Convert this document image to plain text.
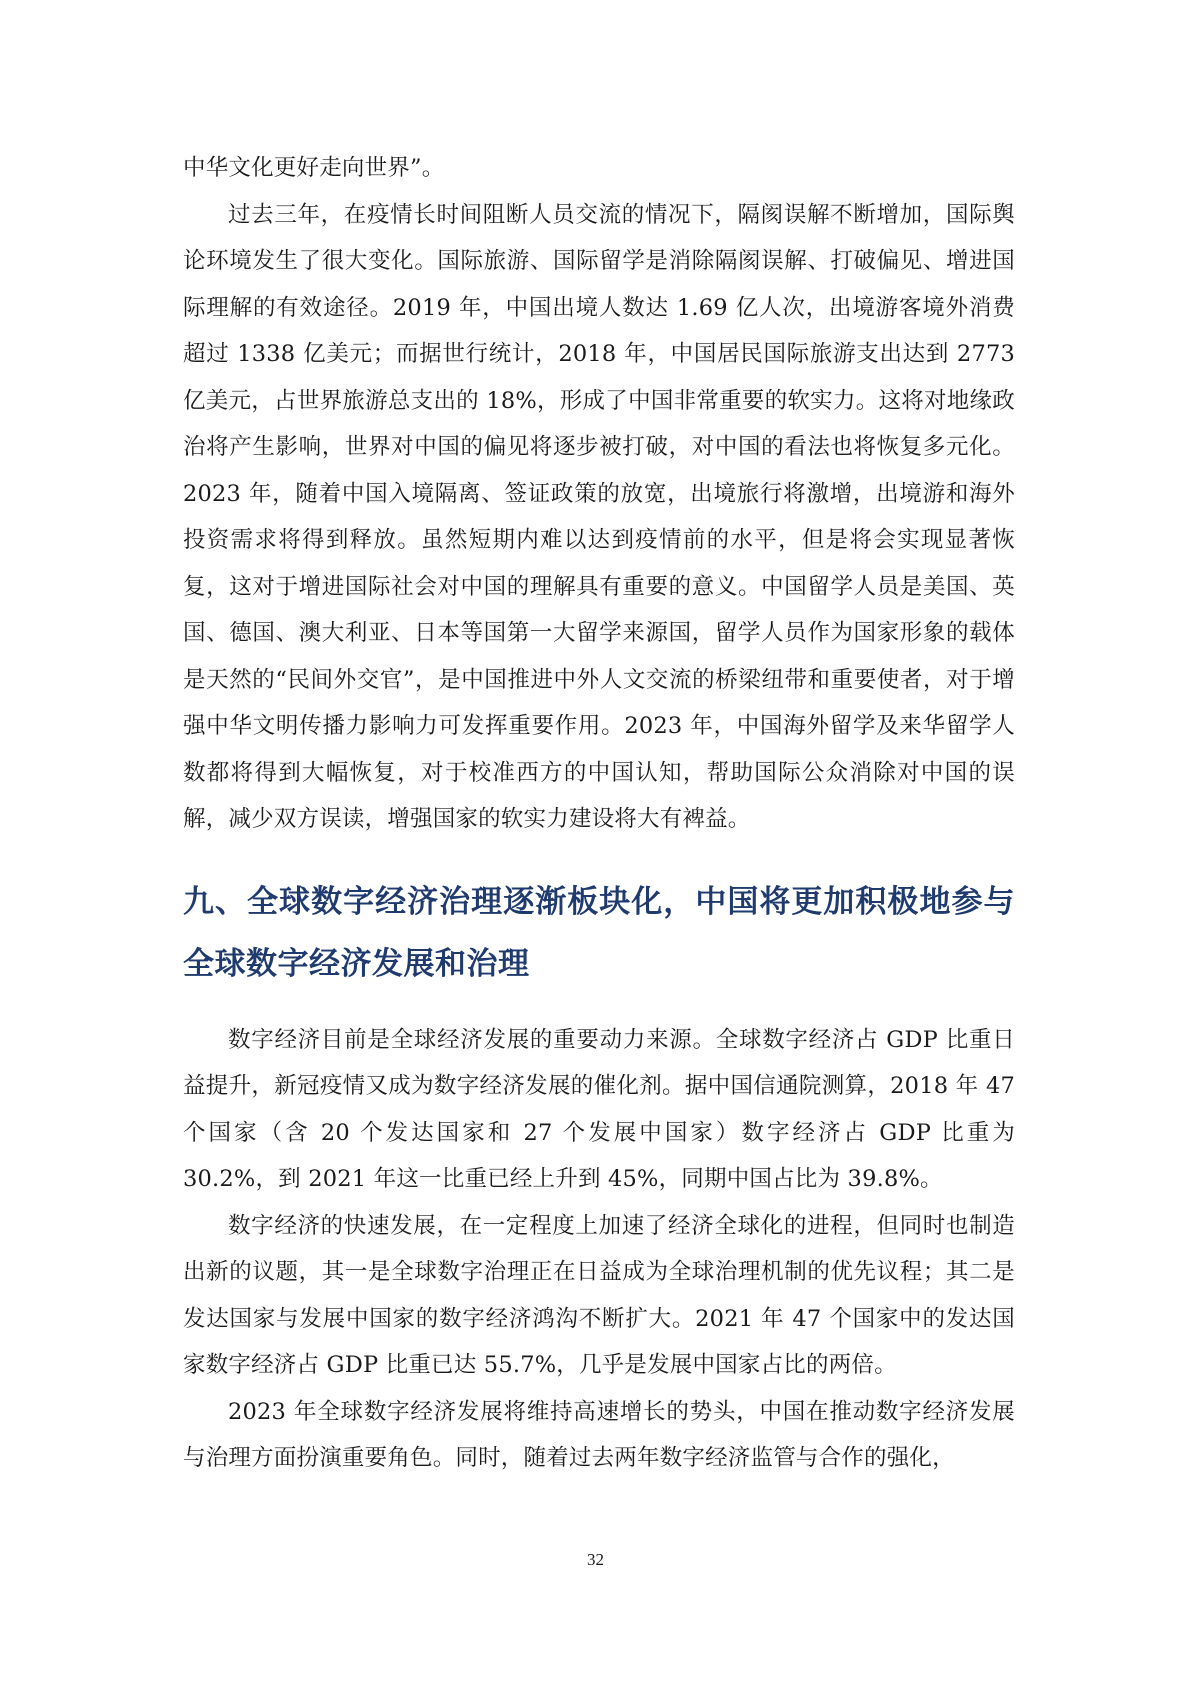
中华文化更好走向世界”。

过去三年，在疫情长时间阻断人员交流的情况下，隔阂误解不断增加，国际舆论环境发生了很大变化。国际旅游、国际留学是消除隔阂误解、打破偏见、增进国际理解的有效途径。2019 年，中国出境人数达 1.69 亿人次，出境游客境外消费超过 1338 亿美元；而据世行统计，2018 年，中国居民国际旅游支出达到 2773 亿美元，占世界旅游总支出的 18%，形成了中国非常重要的软实力。这将对地缘政治将产生影响，世界对中国的偏见将逐步被打破，对中国的看法也将恢复多元化。2023 年，随着中国入境隔离、签证政策的放宽，出境旅行将激增，出境游和海外投资需求将得到释放。虽然短期内难以达到疫情前的水平，但是将会实现显著恢复，这对于增进国际社会对中国的理解具有重要的意义。中国留学人员是美国、英国、德国、澳大利亚、日本等国第一大留学来源国，留学人员作为国家形象的载体是天然的“民间外交官”，是中国推进中外人文交流的桥梁纽带和重要使者，对于增强中华文明传播力影响力可发挥重要作用。2023 年，中国海外留学及来华留学人数都将得到大幅恢复，对于校准西方的中国认知，帮助国际公众消除对中国的误解，减少双方误读，增强国家的软实力建设将大有裨益。

九、全球数字经济治理逐渐板块化，中国将更加积极地参与全球数字经济发展和治理

数字经济目前是全球经济发展的重要动力来源。全球数字经济占 GDP 比重日益提升，新冠疫情又成为数字经济发展的催化剂。据中国信通院测算，2018 年 47 个国家（含 20 个发达国家和 27 个发展中国家）数字经济占 GDP 比重为 30.2%，到 2021 年这一比重已经上升到 45%，同期中国占比为 39.8%。

数字经济的快速发展，在一定程度上加速了经济全球化的进程，但同时也制造出新的议题，其一是全球数字治理正在日益成为全球治理机制的优先议程；其二是发达国家与发展中国家的数字经济鸿沟不断扩大。2021 年 47 个国家中的发达国家数字经济占 GDP 比重已达 55.7%，几乎是发展中国家占比的两倍。

2023 年全球数字经济发展将维持高速增长的势头，中国在推动数字经济发展与治理方面扮演重要角色。同时，随着过去两年数字经济监管与合作的强化，

32
